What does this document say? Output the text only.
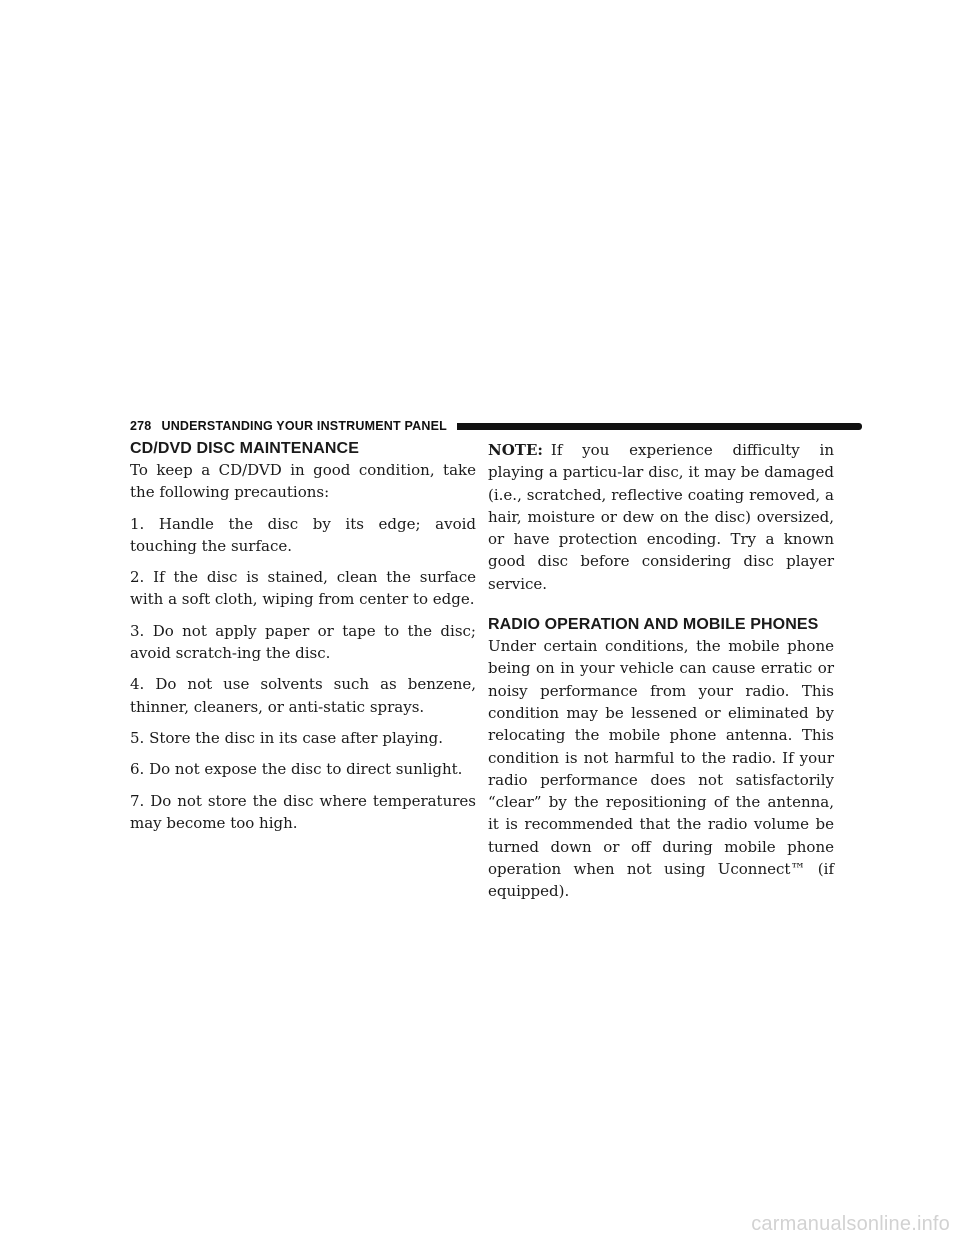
278 UNDERSTANDING YOUR INSTRUMENT PANEL
CD/DVD DISC MAINTENANCE

To keep a CD/DVD in good condition, take the following precautions:

1. Handle the disc by its edge; avoid touching the surface.

2. If the disc is stained, clean the surface with a soft cloth, wiping from center to edge.

3. Do not apply paper or tape to the disc; avoid scratch-ing the disc.

4. Do not use solvents such as benzene, thinner, cleaners, or anti-static sprays.

5. Store the disc in its case after playing.

6. Do not expose the disc to direct sunlight.

7. Do not store the disc where temperatures may become too high.

NOTE: If you experience difficulty in playing a particu-lar disc, it may be damaged (i.e., scratched, reflective coating removed, a hair, moisture or dew on the disc) oversized, or have protection encoding. Try a known good disc before considering disc player service.

RADIO OPERATION AND MOBILE PHONES

Under certain conditions, the mobile phone being on in your vehicle can cause erratic or noisy performance from your radio. This condition may be lessened or eliminated by relocating the mobile phone antenna. This condition is not harmful to the radio. If your radio performance does not satisfactorily “clear” by the repositioning of the antenna, it is recommended that the radio volume be turned down or off during mobile phone operation when not using Uconnect™ (if equipped).

carmanualsonline.info
